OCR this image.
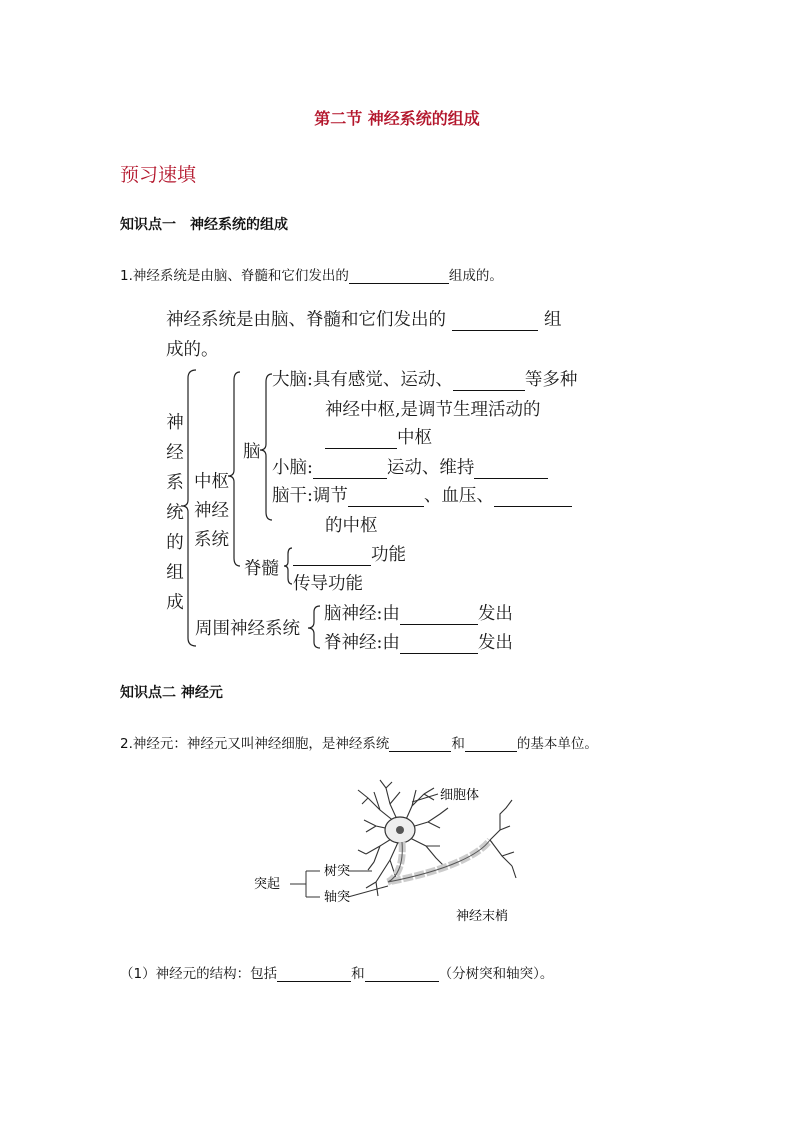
第二节 神经系统的组成
预习速填
知识点一　神经系统的组成
1.神经系统是由脑、脊髓和它们发出的	组成的。
神经系统是由脑、脊髓和它们发出的	组
成的。
神
经
系
统
的
组
成
中枢
神经
系统
脑
大脑:具有感觉、运动、	等多种
神经中枢,是调节生理活动的
中枢
小脑:	运动、维持
脑干:调节	、血压、
的中枢
脊髓
功能
传导功能
周围神经系统
脑神经:由	发出
脊神经:由	发出
知识点二 神经元
2.神经元：神经元又叫神经细胞，是神经系统	和	的基本单位。
细胞体
树突
轴突
突起
神经末梢
（1）神经元的结构：包括	和	（分树突和轴突）。
